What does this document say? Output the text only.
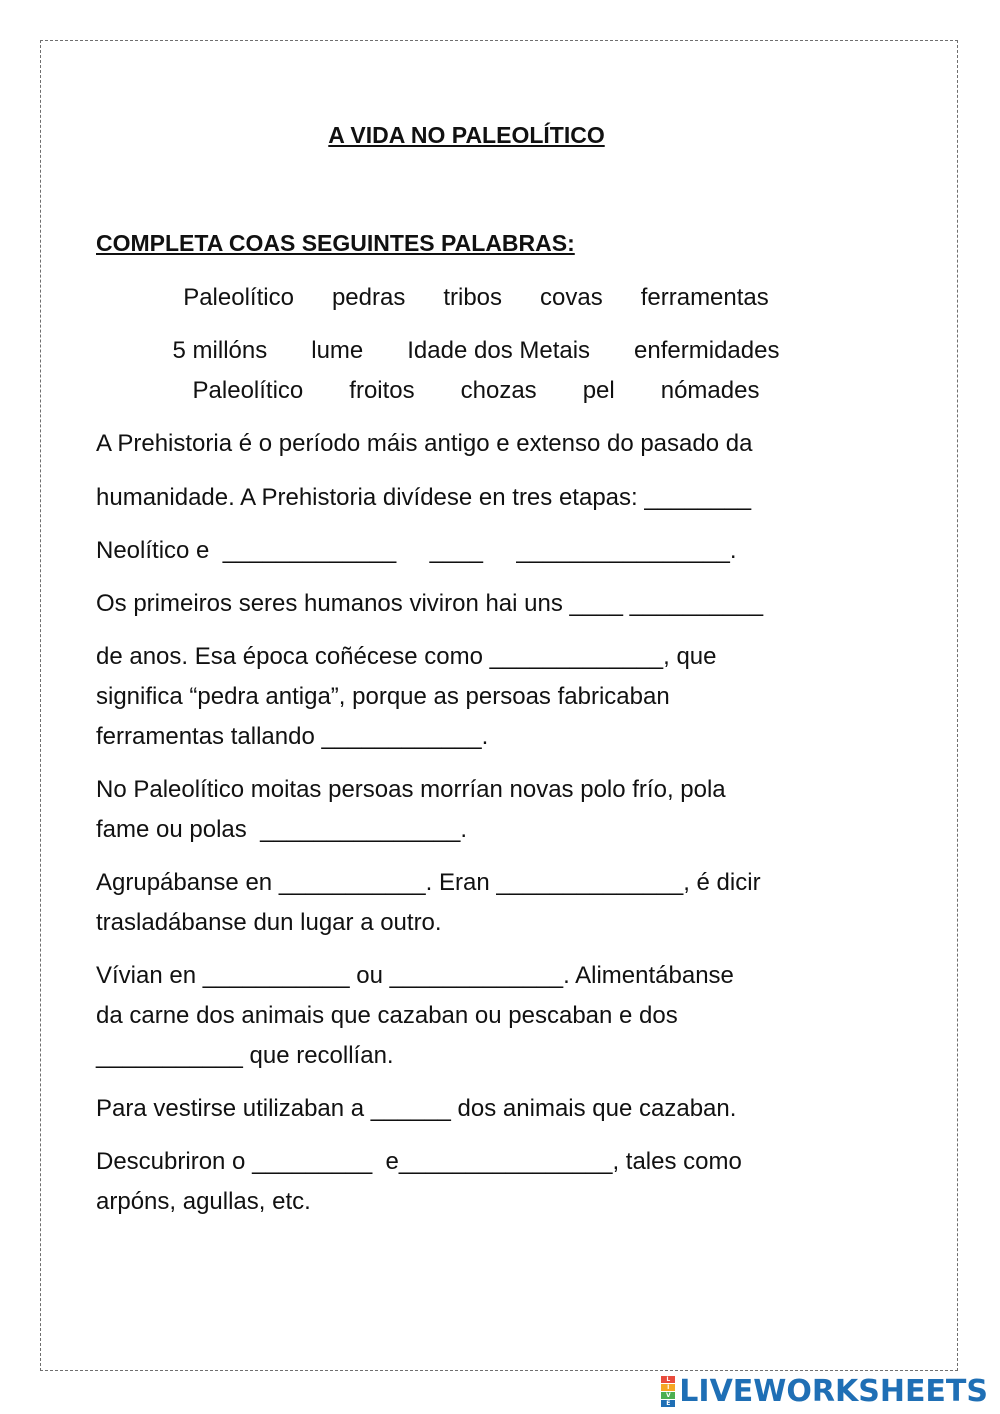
A VIDA NO PALEOLÍTICO
COMPLETA COAS SEGUINTES PALABRAS:
Paleolítico pedras tribos covas ferramentas
5 millóns lume Idade dos Metais enfermidades
Paleolítico froitos chozas pel nómades
A Prehistoria é o período máis antigo e extenso do pasado da
humanidade. A Prehistoria divídese en tres etapas: ________
Neolítico e  _____________     ____     ________________.
Os primeiros seres humanos viviron hai uns ____ __________
de anos. Esa época coñécese como _____________, que
significa “pedra antiga”, porque as persoas fabricaban
ferramentas tallando ____________.
No Paleolítico moitas persoas morrían novas polo frío, pola
fame ou polas  _______________.
Agrupábanse en ___________. Eran ______________, é dicir
trasladábanse dun lugar a outro.
Vívian en ___________ ou _____________. Alimentábanse
da carne dos animais que cazaban ou pescaban e dos
___________ que recollían.
Para vestirse utilizaban a ______ dos animais que cazaban.
Descubriron o _________  e________________, tales como
arpóns, agullas, etc.
L
I
V
E LIVEWORKSHEETS
